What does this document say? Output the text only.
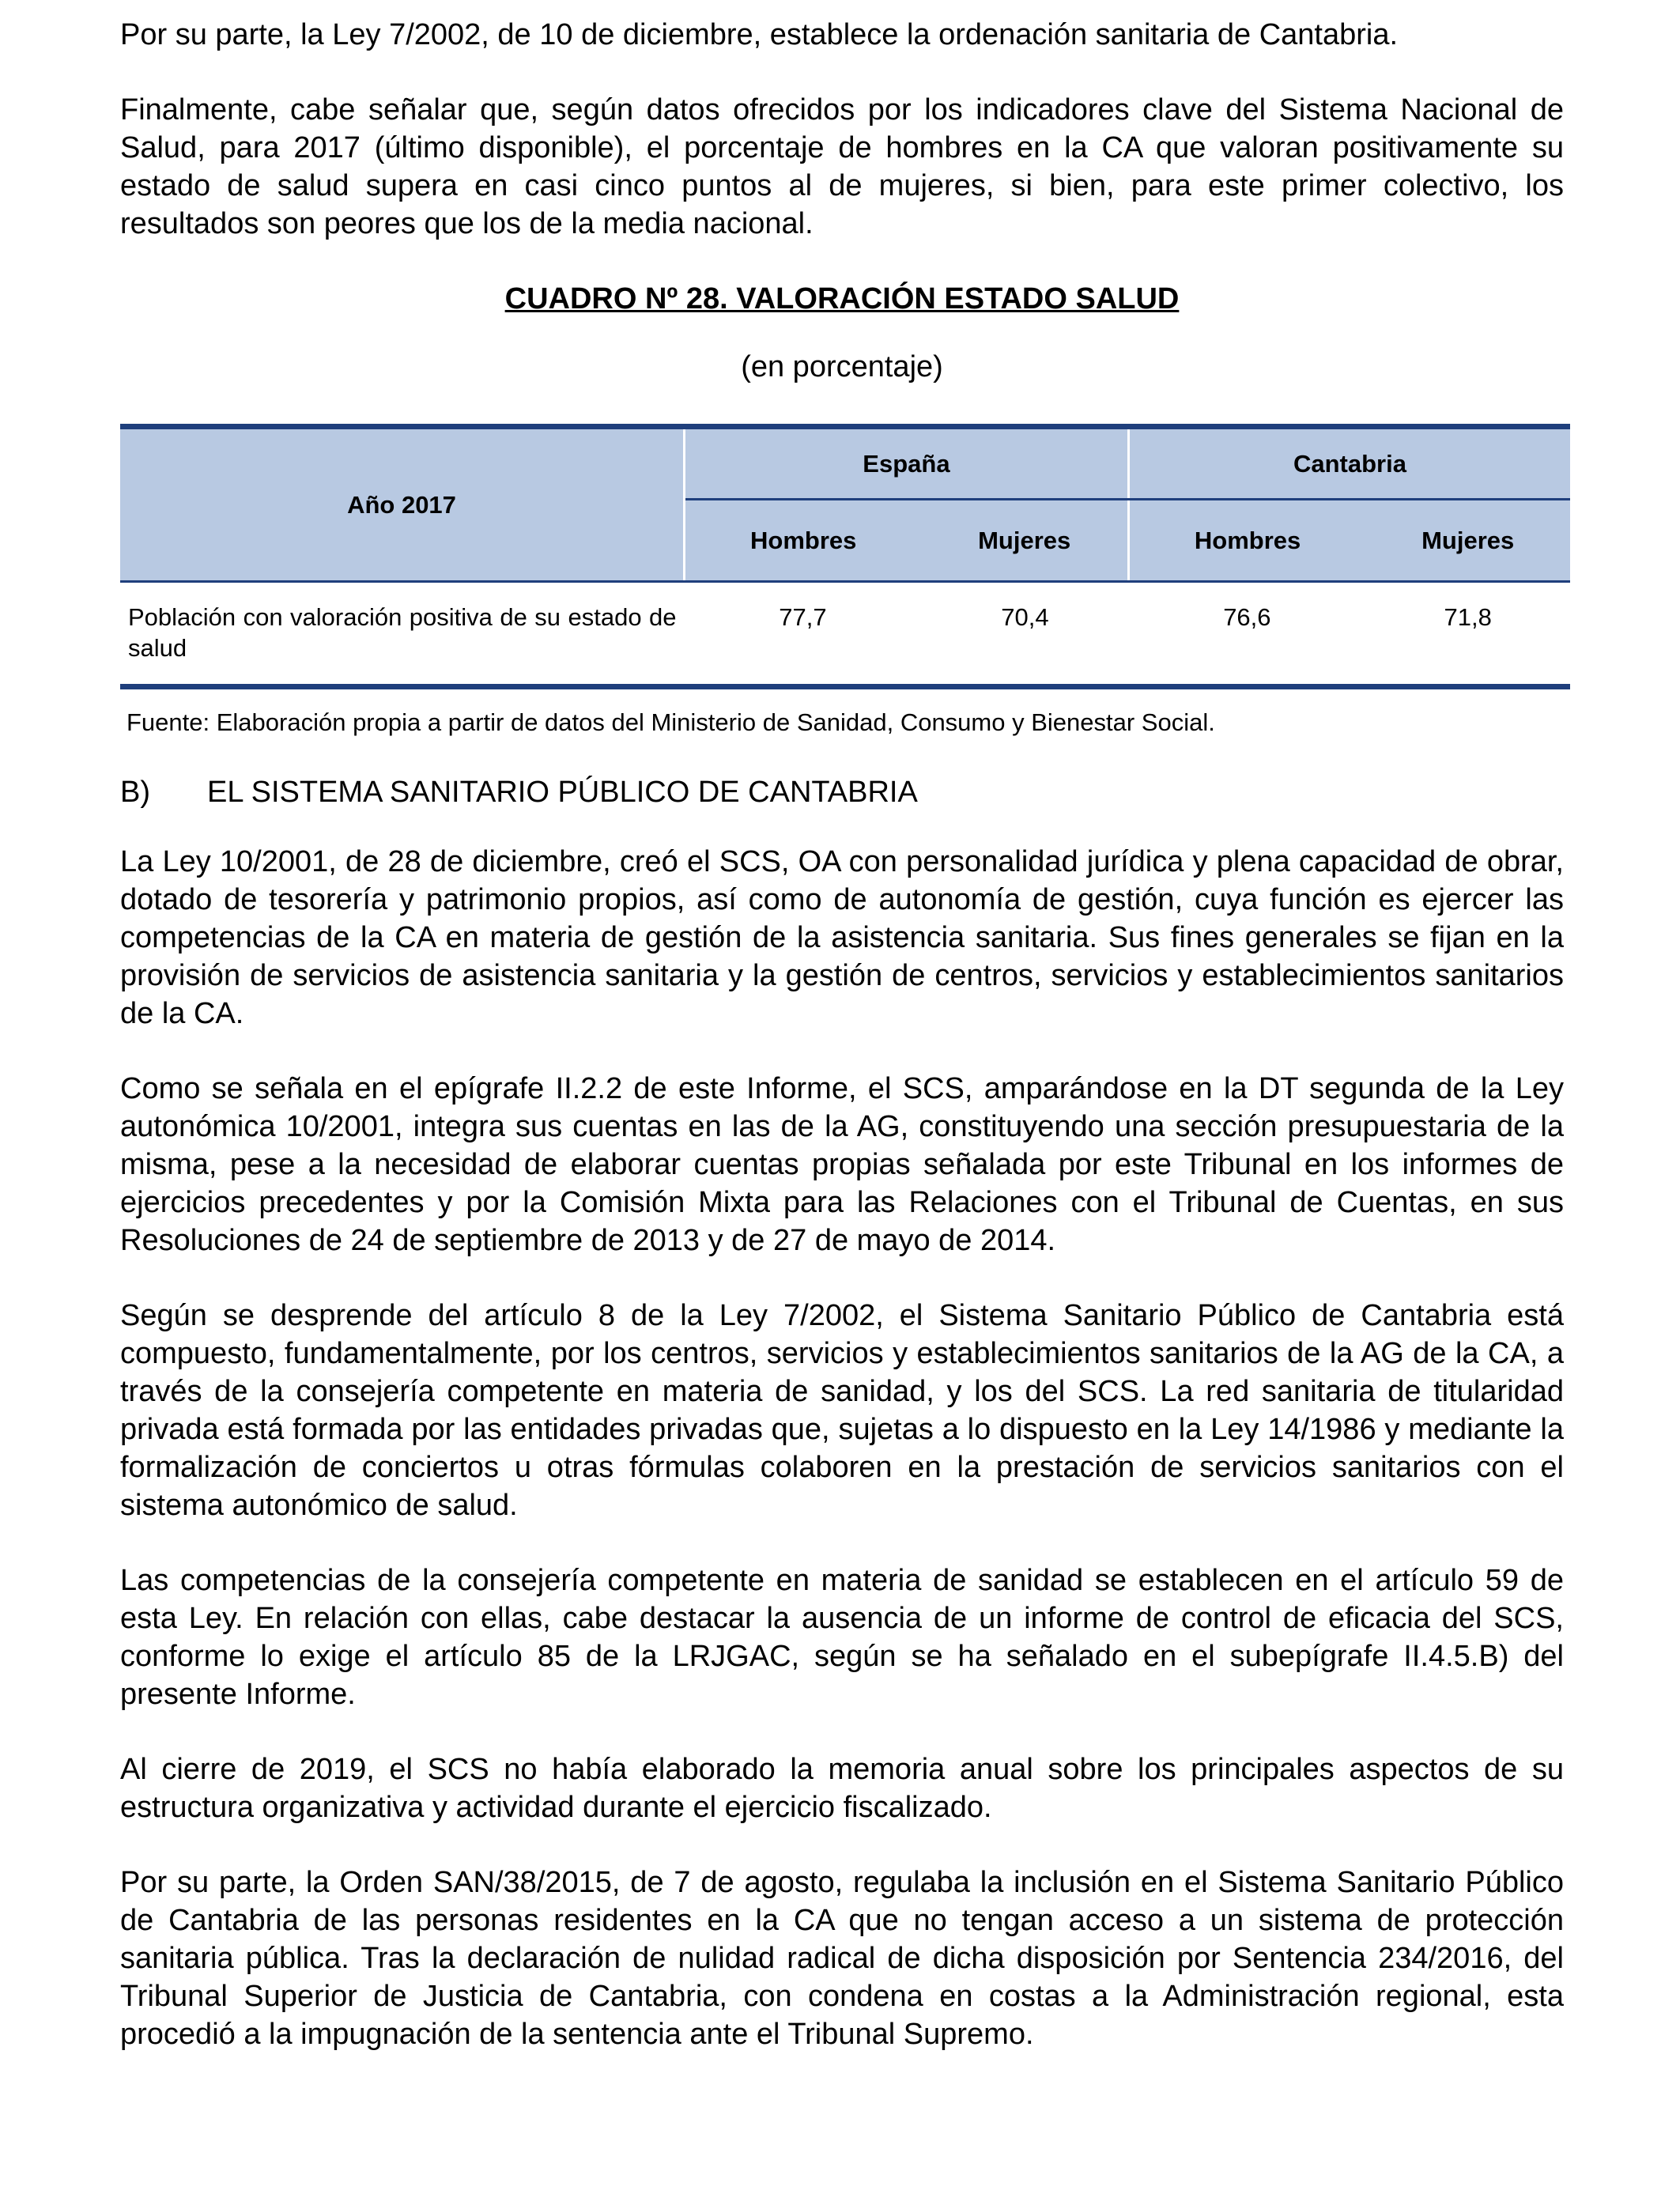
Por su parte, la Ley 7/2002, de 10 de diciembre, establece la ordenación sanitaria de Cantabria.

Finalmente, cabe señalar que, según datos ofrecidos por los indicadores clave del Sistema Nacional de Salud, para 2017 (último disponible), el porcentaje de hombres en la CA que valoran positivamente su estado de salud supera en casi cinco puntos al de mujeres, si bien, para este primer colectivo, los resultados son peores que los de la media nacional.

CUADRO Nº 28. VALORACIÓN ESTADO SALUD

(en porcentaje)

Año 2017	España		Cantabria	
	Hombres	Mujeres	Hombres	Mujeres
Población con valoración positiva de su estado de salud	77,7	70,4	76,6	71,8

Fuente: Elaboración propia a partir de datos del Ministerio de Sanidad, Consumo y Bienestar Social.

B)	EL SISTEMA SANITARIO PÚBLICO DE CANTABRIA

La Ley 10/2001, de 28 de diciembre, creó el SCS, OA con personalidad jurídica y plena capacidad de obrar, dotado de tesorería y patrimonio propios, así como de autonomía de gestión, cuya función es ejercer las competencias de la CA en materia de gestión de la asistencia sanitaria. Sus fines generales se fijan en la provisión de servicios de asistencia sanitaria y la gestión de centros, servicios y establecimientos sanitarios de la CA.

Como se señala en el epígrafe II.2.2 de este Informe, el SCS, amparándose en la DT segunda de la Ley autonómica 10/2001, integra sus cuentas en las de la AG, constituyendo una sección presupuestaria de la misma, pese a la necesidad de elaborar cuentas propias señalada por este Tribunal en los informes de ejercicios precedentes y por la Comisión Mixta para las Relaciones con el Tribunal de Cuentas, en sus Resoluciones de 24 de septiembre de 2013 y de 27 de mayo de 2014.

Según se desprende del artículo 8 de la Ley 7/2002, el Sistema Sanitario Público de Cantabria está compuesto, fundamentalmente, por los centros, servicios y establecimientos sanitarios de la AG de la CA, a través de la consejería competente en materia de sanidad, y los del SCS. La red sanitaria de titularidad privada está formada por las entidades privadas que, sujetas a lo dispuesto en la Ley 14/1986 y mediante la formalización de conciertos u otras fórmulas colaboren en la prestación de servicios sanitarios con el sistema autonómico de salud.

Las competencias de la consejería competente en materia de sanidad se establecen en el artículo 59 de esta Ley. En relación con ellas, cabe destacar la ausencia de un informe de control de eficacia del SCS, conforme lo exige el artículo 85 de la LRJGAC, según se ha señalado en el subepígrafe II.4.5.B) del presente Informe.

Al cierre de 2019, el SCS no había elaborado la memoria anual sobre los principales aspectos de su estructura organizativa y actividad durante el ejercicio fiscalizado.

Por su parte, la Orden SAN/38/2015, de 7 de agosto, regulaba la inclusión en el Sistema Sanitario Público de Cantabria de las personas residentes en la CA que no tengan acceso a un sistema de protección sanitaria pública. Tras la declaración de nulidad radical de dicha disposición por Sentencia 234/2016, del Tribunal Superior de Justicia de Cantabria, con condena en costas a la Administración regional, esta procedió a la impugnación de la sentencia ante el Tribunal Supremo.
